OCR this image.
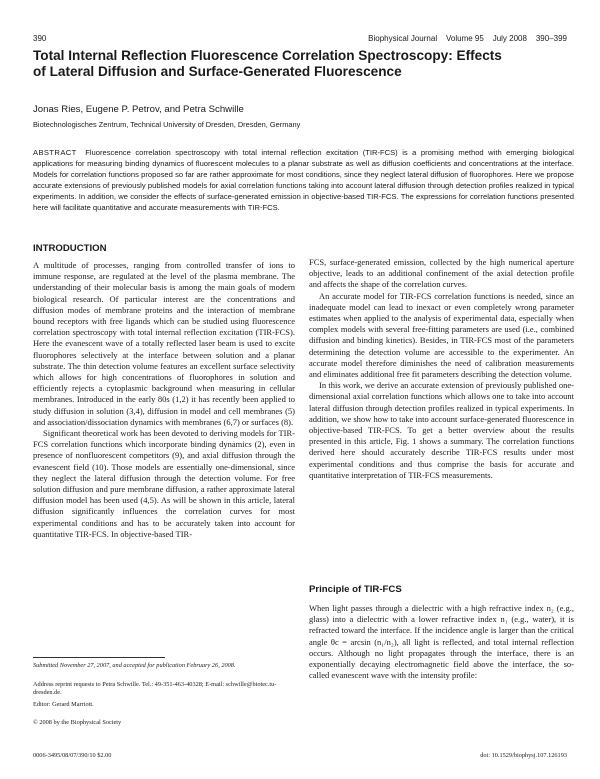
390	Biophysical Journal Volume 95 July 2008 390–399
Total Internal Reflection Fluorescence Correlation Spectroscopy: Effects
of Lateral Diffusion and Surface-Generated Fluorescence
Jonas Ries, Eugene P. Petrov, and Petra Schwille
Biotechnologisches Zentrum, Technical University of Dresden, Dresden, Germany
ABSTRACT Fluorescence correlation spectroscopy with total internal reflection excitation (TIR-FCS) is a promising method with emerging biological applications for measuring binding dynamics of fluorescent molecules to a planar substrate as well as diffusion coefficients and concentrations at the interface. Models for correlation functions proposed so far are rather approximate for most conditions, since they neglect lateral diffusion of fluorophores. Here we propose accurate extensions of previously published models for axial correlation functions taking into account lateral diffusion through detection profiles realized in typical experiments. In addition, we consider the effects of surface-generated emission in objective-based TIR-FCS. The expressions for correlation functions presented here will facilitate quantitative and accurate measurements with TIR-FCS.
INTRODUCTION

A multitude of processes, ranging from controlled transfer of ions to immune response, are regulated at the level of the plasma membrane. The understanding of their molecular basis is among the main goals of modern biological research. Of particular interest are the concentrations and diffusion modes of membrane proteins and the interaction of membrane bound receptors with free ligands which can be studied using fluorescence correlation spectroscopy with total internal reflection excitation (TIR-FCS). Here the evanescent wave of a totally reflected laser beam is used to excite fluorophores selectively at the interface between solution and a planar substrate. The thin detection volume features an excellent surface selectivity which allows for high concentrations of fluorophores in solution and efficiently rejects a cytoplasmic background when measuring in cellular membranes. Introduced in the early 80s (1,2) it has recently been applied to study diffusion in solution (3,4), diffusion in model and cell membranes (5) and association/dissociation dynamics with membranes (6,7) or surfaces (8).

Significant theoretical work has been devoted to deriving models for TIR-FCS correlation functions which incorporate binding dynamics (2), even in presence of nonfluorescent competitors (9), and axial diffusion through the evanescent field (10). Those models are essentially one-dimensional, since they neglect the lateral diffusion through the detection volume. For free solution diffusion and pure membrane diffusion, a rather approximate lateral diffusion model has been used (4,5). As will be shown in this article, lateral diffusion significantly influences the correlation curves for most experimental conditions and has to be accurately taken into account for quantitative TIR-FCS. In objective-based TIR-

FCS, surface-generated emission, collected by the high numerical aperture objective, leads to an additional confinement of the axial detection profile and affects the shape of the correlation curves.

An accurate model for TIR-FCS correlation functions is needed, since an inadequate model can lead to inexact or even completely wrong parameter estimates when applied to the analysis of experimental data, especially when complex models with several free-fitting parameters are used (i.e., combined diffusion and binding kinetics). Besides, in TIR-FCS most of the parameters determining the detection volume are accessible to the experimenter. An accurate model therefore diminishes the need of calibration measurements and eliminates additional free fit parameters describing the detection volume.

In this work, we derive an accurate extension of previously published one-dimensional axial correlation functions which allows one to take into account lateral diffusion through detection profiles realized in typical experiments. In addition, we show how to take into account surface-generated fluorescence in objective-based TIR-FCS. To get a better overview about the results presented in this article, Fig. 1 shows a summary. The correlation functions derived here should accurately describe TIR-FCS results under most experimental conditions and thus comprise the basis for accurate and quantitative interpretation of TIR-FCS measurements.

Principle of TIR-FCS

When light passes through a dielectric with a high refractive index n₂ (e.g., glass) into a dielectric with a lower refractive index n₁ (e.g., water), it is refracted toward the interface. If the incidence angle is larger than the critical angle θc = arcsin (n₁/n₂), all light is reflected, and total internal reflection occurs. Although no light propagates through the interface, there is an exponentially decaying electromagnetic field above the interface, the so-called evanescent wave with the intensity profile:

Submitted November 27, 2007, and accepted for publication February 26, 2008.

Address reprint requests to Petra Schwille. Tel.: 49-351-463-40328; E-mail: schwille@biotec.tu-dresden.de.

Editor: Gerard Marriott.

© 2008 by the Biophysical Society

0006-3495/08/07/390/10 $2.00	doi: 10.1529/biophysj.107.126193
